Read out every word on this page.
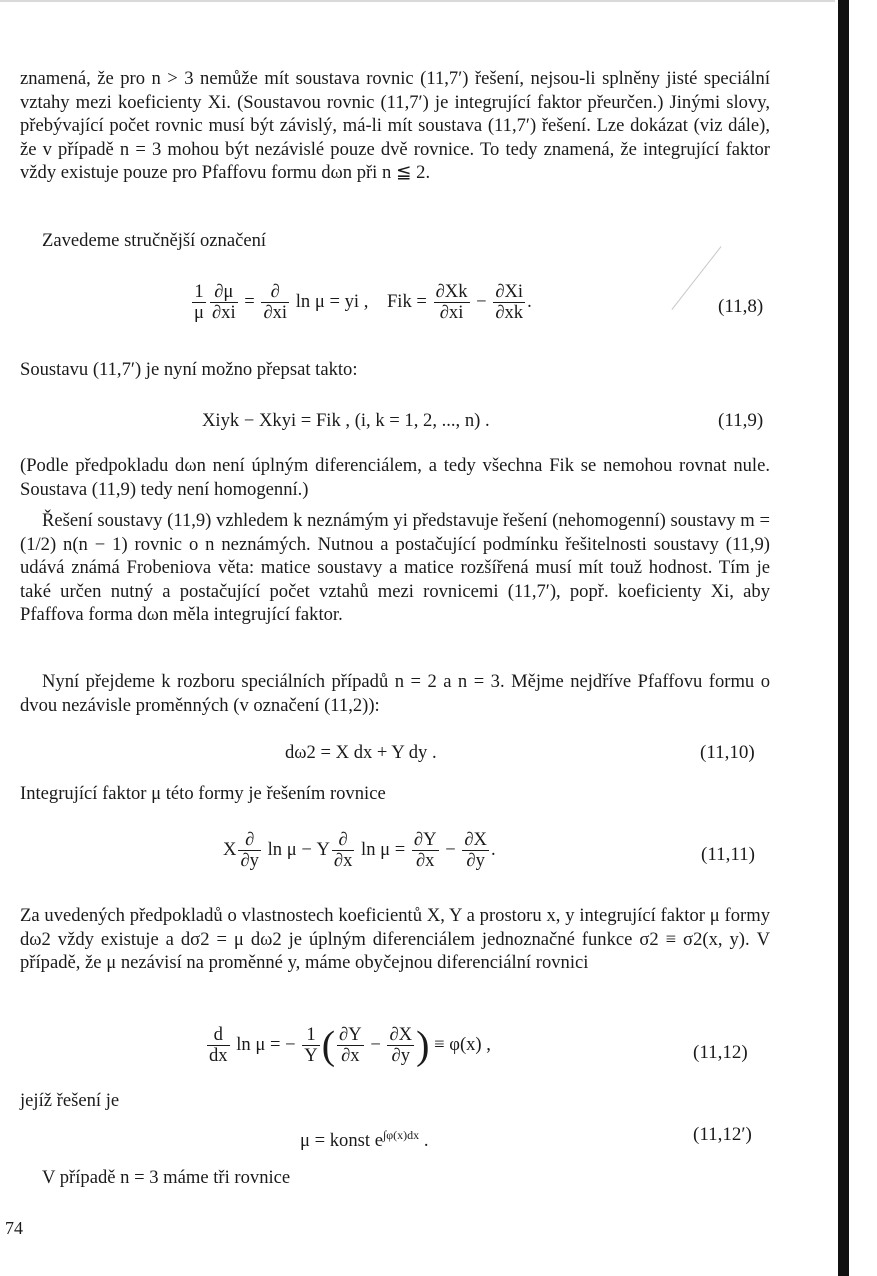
znamená, že pro n > 3 nemůže mít soustava rovnic (11,7′) řešení, nejsou-li splněny jisté speciální vztahy mezi koeficienty Xi. (Soustavou rovnic (11,7′) je integrující faktor přeurčen.) Jinými slovy, přebývající počet rovnic musí být závislý, má-li mít soustava (11,7′) řešení. Lze dokázat (viz dále), že v případě n = 3 mohou být nezávislé pouze dvě rovnice. To tedy znamená, že integrující faktor vždy existuje pouze pro Pfaffovu formu dωn při n ≦ 2.
Zavedeme stručnější označení
$\frac{1}{\mu} \frac{\partial\mu}{\partial xi} = \frac{\partial}{\partial xi}$ ln μ = yi , Fik = $\frac{\partial Xk}{\partial xi} - \frac{\partial Xi}{\partial xk}$ .	(11,8)
Soustavu (11,7′) je nyní možno přepsat takto:
Xiyk − Xkyi = Fik , (i, k = 1, 2, ..., n) .	(11,9)
(Podle předpokladu dωn není úplným diferenciálem, a tedy všechna Fik se nemohou rovnat nule. Soustava (11,9) tedy není homogenní.)
Řešení soustavy (11,9) vzhledem k neznámým yi představuje řešení (nehomogenní) soustavy m = (1/2) n(n − 1) rovnic o n neznámých. Nutnou a postačující podmínku řešitelnosti soustavy (11,9) udává známá Frobeniova věta: matice soustavy a matice rozšířená musí mít touž hodnost. Tím je také určen nutný a postačující počet vztahů mezi rovnicemi (11,7′), popř. koeficienty Xi, aby Pfaffova forma dωn měla integrující faktor.
Nyní přejdeme k rozboru speciálních případů n = 2 a n = 3. Mějme nejdříve Pfaffovu formu o dvou nezávisle proměnných (v označení (11,2)):
dω2 = X dx + Y dy .	(11,10)
Integrující faktor μ této formy je řešením rovnice
X $\frac{\partial}{\partial y}$ ln μ − Y $\frac{\partial}{\partial x}$ $\ln \mu = \frac{\partial Y}{\partial x} - \frac{\partial X}{\partial y}$ .	(11,11)
Za uvedených předpokladů o vlastnostech koeficientů X, Y a prostoru x, y integrující faktor μ formy dω2 vždy existuje a dσ2 = μ dω2 je úplným diferenciálem jednoznačné funkce σ2 ≡ σ2(x, y). V případě, že μ nezávisí na proměnné y, máme obyčejnou diferenciální rovnici
$\frac{d}{dx}$ ln μ = − $\frac{1}{Y}$ ( $\frac{\partial Y}{\partial x} - \frac{\partial X}{\partial y}$ ) ≡ φ(x) ,	(11,12)
jejíž řešení je
μ = konst $e^{\int\varphi(x)dx}$ .	(11,12′)
V případě n = 3 máme tři rovnice
74
